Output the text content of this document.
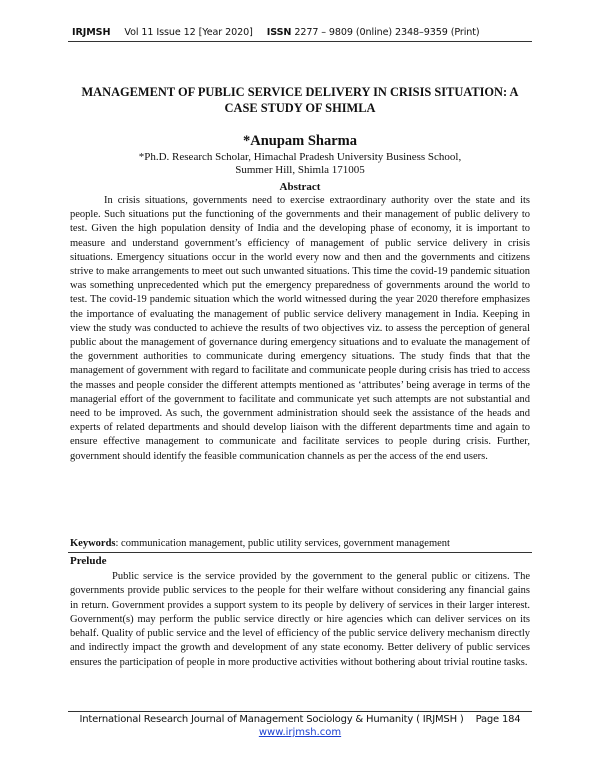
IRJMSH Vol 11 Issue 12 [Year 2020] ISSN 2277 – 9809 (0nline) 2348–9359 (Print)
MANAGEMENT OF PUBLIC SERVICE DELIVERY IN CRISIS SITUATION: A
CASE STUDY OF SHIMLA
*Anupam Sharma
*Ph.D. Research Scholar, Himachal Pradesh University Business School,
Summer Hill, Shimla 171005
Abstract

In crisis situations, governments need to exercise extraordinary authority over the state and its people. Such situations put the functioning of the governments and their management of public delivery to test. Given the high population density of India and the developing phase of economy, it is important to measure and understand government’s efficiency of management of public service delivery in crisis situations. Emergency situations occur in the world every now and then and the governments and citizens strive to make arrangements to meet out such unwanted situations. This time the covid-19 pandemic situation was something unprecedented which put the emergency preparedness of governments around the world to test. The covid-19 pandemic situation which the world witnessed during the year 2020 therefore emphasizes the importance of evaluating the management of public service delivery management in India. Keeping in view the study was conducted to achieve the results of two objectives viz. to assess the perception of general public about the management of governance during emergency situations and to evaluate the management of the government authorities to communicate during emergency situations. The study finds that that the management of government with regard to facilitate and communicate people during crisis has tried to access the masses and people consider the different attempts mentioned as ‘attributes’ being average in terms of the managerial effort of the government to facilitate and communicate yet such attempts are not substantial and need to be improved. As such, the government administration should seek the assistance of the heads and experts of related departments and should develop liaison with the different departments time and again to ensure effective management to communicate and facilitate services to people during crisis. Further, government should identify the feasible communication channels as per the access of the end users.

Keywords: communication management, public utility services, government management
Prelude

Public service is the service provided by the government to the general public or citizens. The governments provide public services to the people for their welfare without considering any financial gains in return. Government provides a support system to its people by delivery of services in their larger interest. Government(s) may perform the public service directly or hire agencies which can deliver services on its behalf. Quality of public service and the level of efficiency of the public service delivery mechanism directly and indirectly impact the growth and development of any state economy. Better delivery of public services ensures the participation of people in more productive activities without bothering about trivial routine tasks.

International Research Journal of Management Sociology & Humanity ( IRJMSH ) Page 184
www.irjmsh.com
